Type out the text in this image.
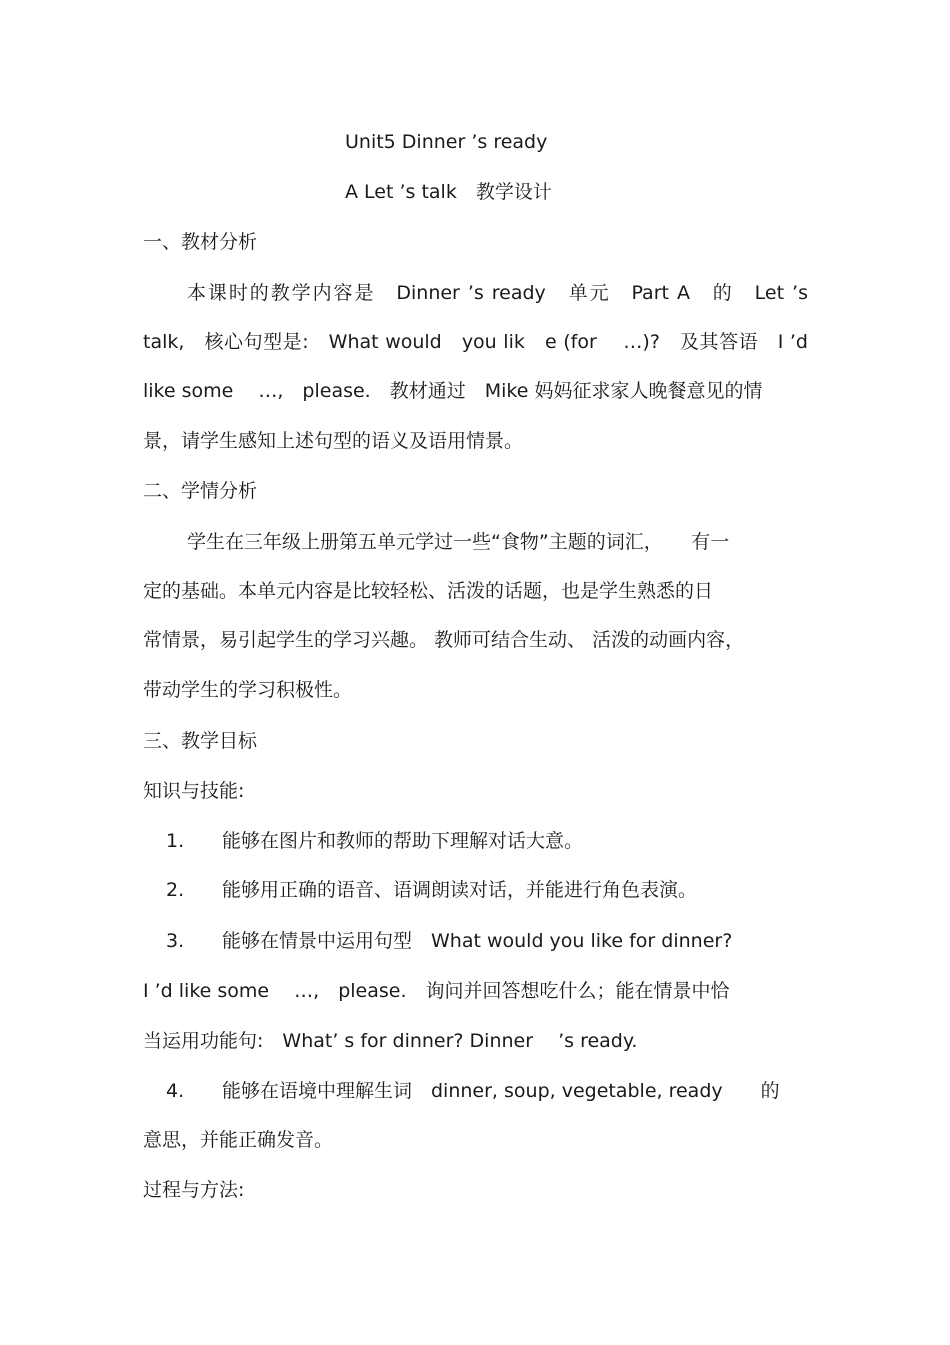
Unit5 Dinner ’s ready
A Let ’s talk　教学设计
一、教材分析
本课时的教学内容是　Dinner ’s ready　单元　Part A　的　Let ’s
talk,　核心句型是:　What would　you lik　e (for　 …)?　及其答语　I ’d
like some　 …,　please.　教材通过　Mike 妈妈征求家人晚餐意见的情
景，请学生感知上述句型的语义及语用情景。
二、学情分析
学生在三年级上册第五单元学过一些“食物”主题的词汇，　　有一
定的基础。本单元内容是比较轻松、活泼的话题，也是学生熟悉的日
常情景，易引起学生的学习兴趣。 教师可结合生动、 活泼的动画内容，
带动学生的学习积极性。
三、教学目标
知识与技能:
1. 能够在图片和教师的帮助下理解对话大意。
2. 能够用正确的语音、语调朗读对话，并能进行角色表演。
3. 能够在情景中运用句型　What would you like for dinner?
I ’d like some　 …,　please.　询问并回答想吃什么；能在情景中恰
当运用功能句:　What’ s for dinner? Dinner　 ’s ready.
4. 能够在语境中理解生词　dinner, soup, vegetable, ready　　的
意思，并能正确发音。
过程与方法:
